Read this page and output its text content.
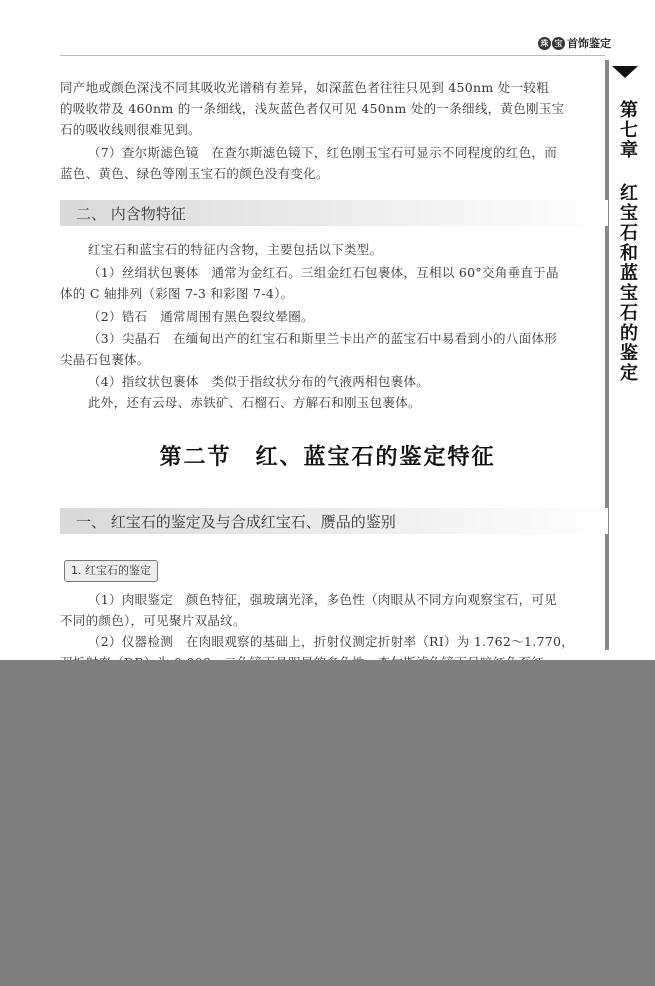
珠 宝 首饰鉴定
第七章 红宝石和蓝宝石的鉴定
同产地或颜色深浅不同其吸收光谱稍有差异，如深蓝色者往往只见到 450nm 处一较粗
的吸收带及 460nm 的一条细线，浅灰蓝色者仅可见 450nm 处的一条细线，黄色刚玉宝
石的吸收线则很难见到。
（7）查尔斯滤色镜　在查尔斯滤色镜下，红色刚玉宝石可显示不同程度的红色，而
蓝色、黄色、绿色等刚玉宝石的颜色没有变化。
二、 内含物特征
红宝石和蓝宝石的特征内含物，主要包括以下类型。
（1）丝绢状包裹体　通常为金红石。三组金红石包裹体，互相以 60°交角垂直于晶
体的 C 轴排列（彩图 7-3 和彩图 7-4）。
（2）锆石　通常周围有黑色裂纹晕圈。
（3）尖晶石　在缅甸出产的红宝石和斯里兰卡出产的蓝宝石中易看到小的八面体形
尖晶石包裹体。
（4）指纹状包裹体　类似于指纹状分布的气液两相包裹体。
此外，还有云母、赤铁矿、石榴石、方解石和刚玉包裹体。
第二节　红、蓝宝石的鉴定特征
一、 红宝石的鉴定及与合成红宝石、赝品的鉴别
1. 红宝石的鉴定
（1）肉眼鉴定　颜色特征，强玻璃光泽，多色性（肉眼从不同方向观察宝石，可见
不同的颜色），可见聚片双晶纹。
（2）仪器检测　在肉眼观察的基础上，折射仪测定折射率（RI）为 1.762～1.770，
